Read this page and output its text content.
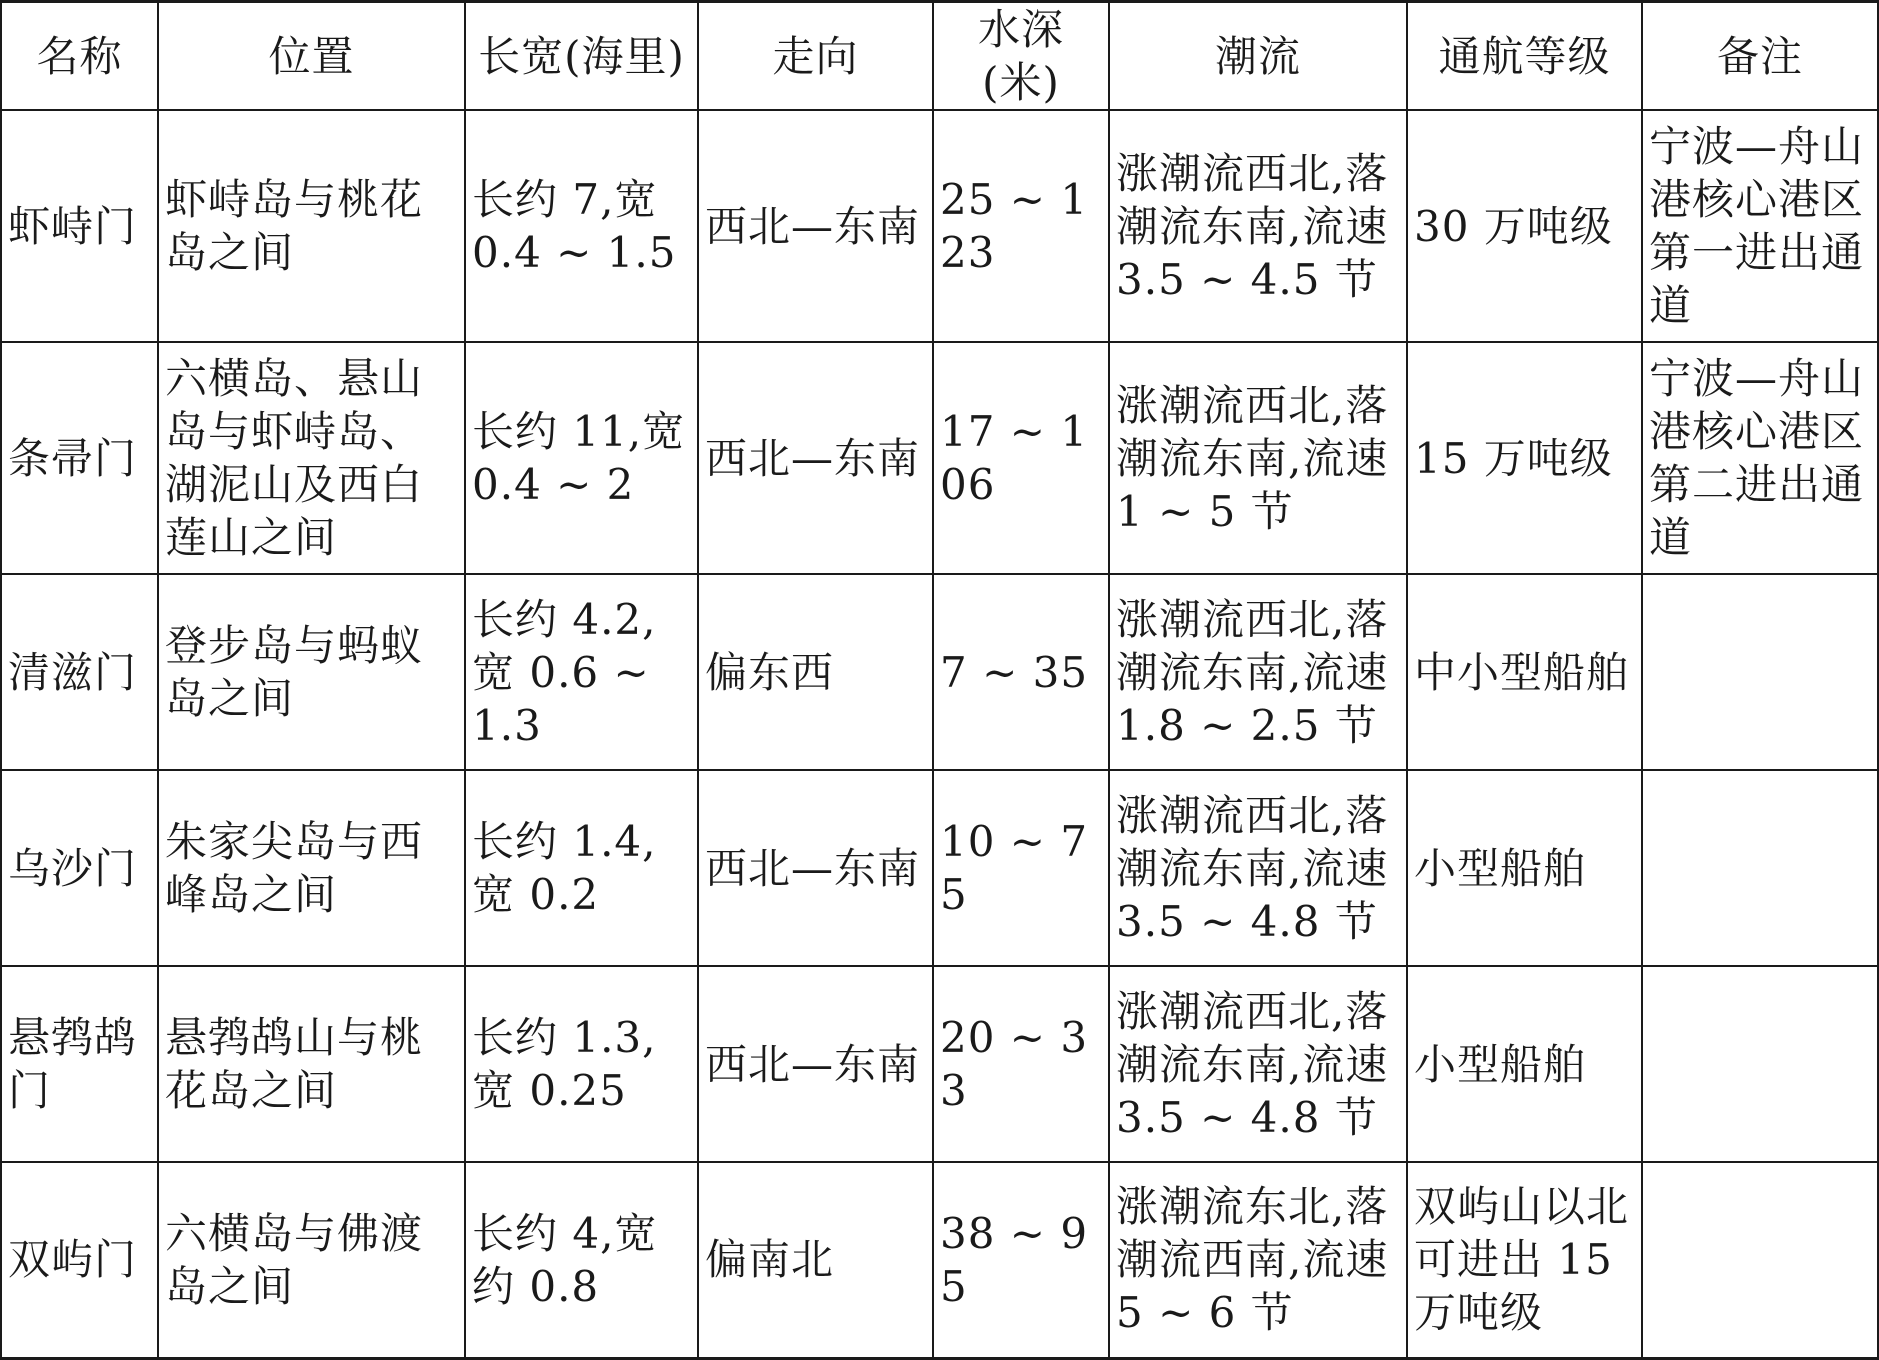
名称	位置	长宽(海里)	走向	水深(米)	潮流	通航等级	备注
虾峙门	虾峙岛与桃花岛之间	长约 7,宽 0.4 ~ 1.5	西北—东南	25 ~ 123	涨潮流西北,落潮流东南,流速 3.5 ~ 4.5 节	30 万吨级	宁波—舟山港核心港区第一进出通道
条帚门	六横岛、悬山岛与虾峙岛、湖泥山及西白莲山之间	长约 11,宽 0.4 ~ 2	西北—东南	17 ~ 106	涨潮流西北,落潮流东南,流速 1 ~ 5 节	15 万吨级	宁波—舟山港核心港区第二进出通道
清滋门	登步岛与蚂蚁岛之间	长约 4.2,宽 0.6 ~ 1.3	偏东西	7 ~ 35	涨潮流西北,落潮流东南,流速 1.8 ~ 2.5 节	中小型船舶	
乌沙门	朱家尖岛与西峰岛之间	长约 1.4,宽 0.2	西北—东南	10 ~ 75	涨潮流西北,落潮流东南,流速 3.5 ~ 4.8 节	小型船舶	
悬鹁鸪门	悬鹁鸪山与桃花岛之间	长约 1.3,宽 0.25	西北—东南	20 ~ 33	涨潮流西北,落潮流东南,流速 3.5 ~ 4.8 节	小型船舶	
双屿门	六横岛与佛渡岛之间	长约 4,宽约 0.8	偏南北	38 ~ 95	涨潮流东北,落潮流西南,流速 5 ~ 6 节	双屿山以北可进出 15 万吨级	
